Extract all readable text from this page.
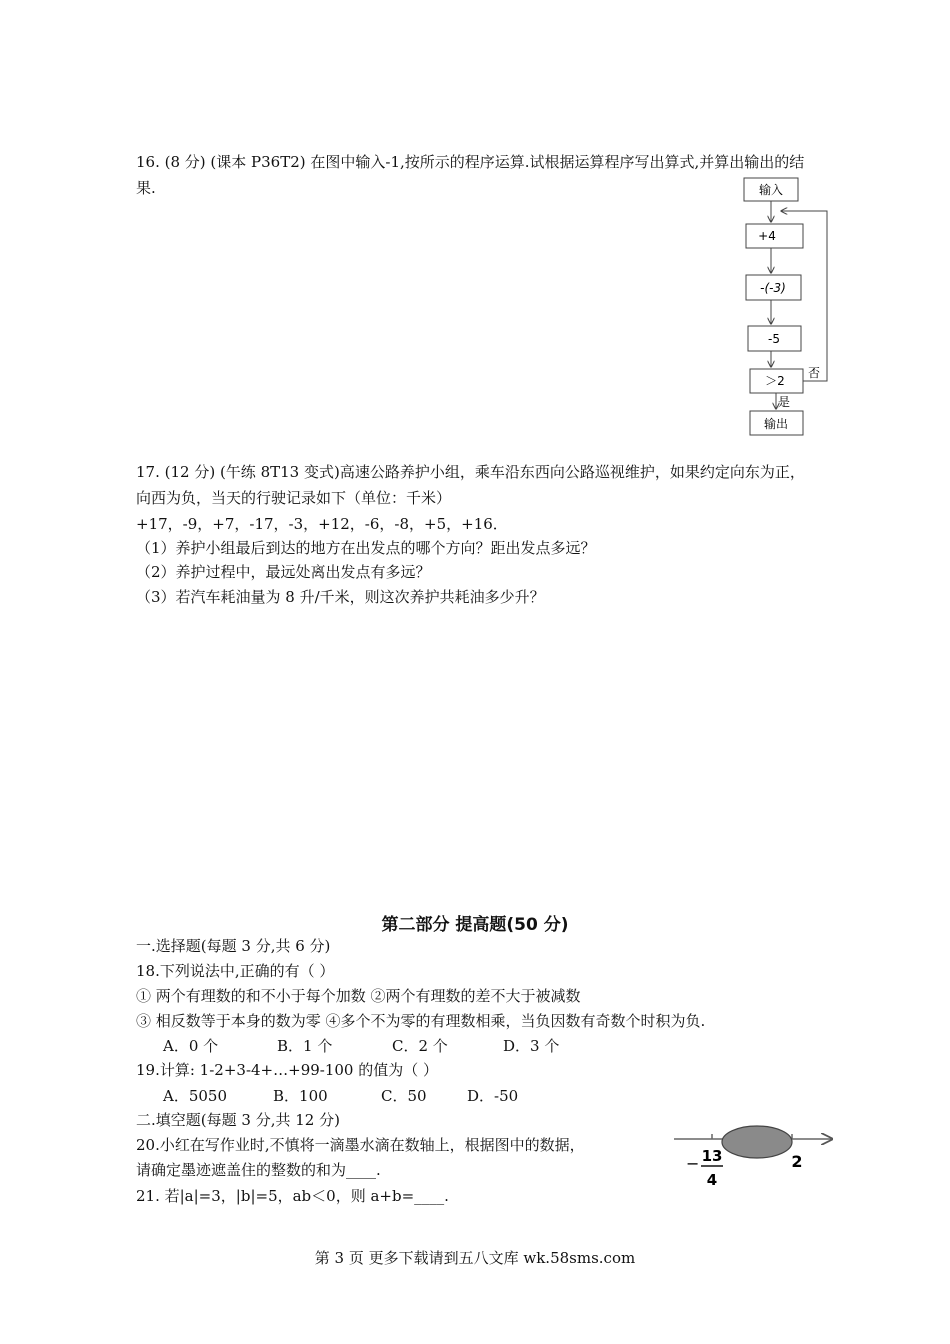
16. (8 分) (课本 P36T2) 在图中输入-1,按所示的程序运算.试根据运算程序写出算式,并算出输出的结
果.	输入
+4
-(-3)
-5
＞2
输出
否
是
17. (12 分) (午练 8T13 变式)高速公路养护小组，乘车沿东西向公路巡视维护，如果约定向东为正，
向西为负，当天的行驶记录如下（单位：千米）
+17，-9，+7，-17，-3，+12，-6，-8，+5，+16．
（1）养护小组最后到达的地方在出发点的哪个方向？距出发点多远？
（2）养护过程中，最远处离出发点有多远？
（3）若汽车耗油量为 8 升/千米，则这次养护共耗油多少升？
第二部分 提高题(50 分)
一.选择题(每题 3 分,共 6 分)
18.下列说法中,正确的有（ ）
① 两个有理数的和不小于每个加数 ②两个有理数的差不大于被减数
③ 相反数等于本身的数为零 ④多个不为零的有理数相乘，当负因数有奇数个时积为负.
A．0 个	B．1 个	C．2 个	D．3 个
19.计算: 1-2+3-4+…+99-100 的值为（ ）
A．5050	B．100	C．50	D．-50
二.填空题(每题 3 分,共 12 分)
20.小红在写作业时,不慎将一滴墨水滴在数轴上，根据图中的数据，
请确定墨迹遮盖住的整数的和为____.
21. 若|a|=3，|b|=5，ab＜0，则 a+b=____.
− 13
4
2
第 3 页 更多下载请到五八文库 wk.58sms.com
